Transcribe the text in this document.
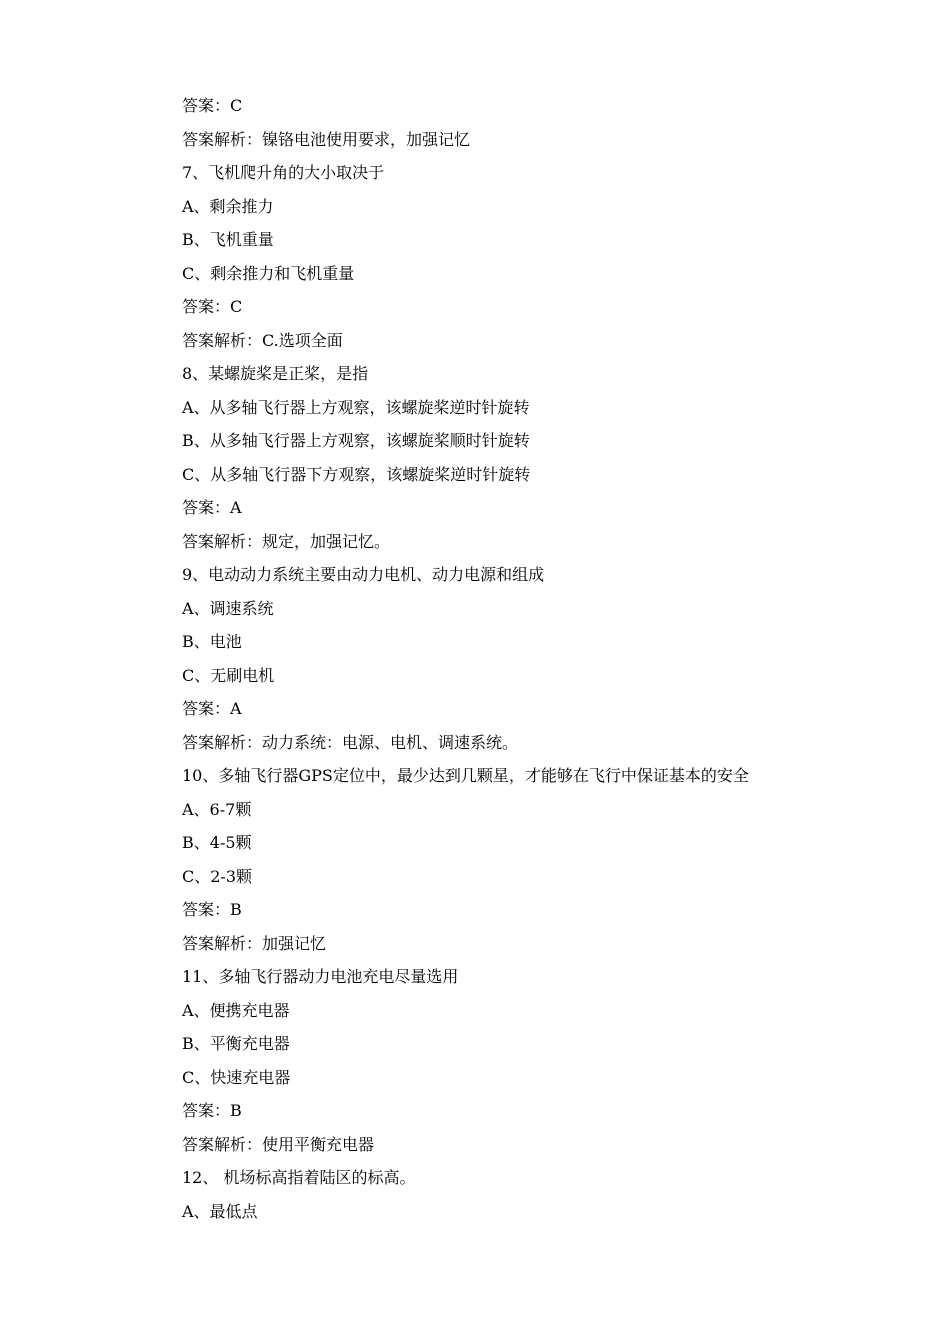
答案：C
答案解析：镍铬电池使用要求，加强记忆
7、飞机爬升角的大小取决于
A、剩余推力
B、飞机重量
C、剩余推力和飞机重量
答案：C
答案解析：C.选项全面
8、某螺旋桨是正桨，是指
A、从多轴飞行器上方观察，该螺旋桨逆时针旋转
B、从多轴飞行器上方观察，该螺旋桨顺时针旋转
C、从多轴飞行器下方观察，该螺旋桨逆时针旋转
答案：A
答案解析：规定，加强记忆。
9、电动动力系统主要由动力电机、动力电源和组成
A、调速系统
B、电池
C、无刷电机
答案：A
答案解析：动力系统：电源、电机、调速系统。
10、多轴飞行器GPS定位中，最少达到几颗星，才能够在飞行中保证基本的安全
A、6-7颗
B、4-5颗
C、2-3颗
答案：B
答案解析：加强记忆
11、多轴飞行器动力电池充电尽量选用
A、便携充电器
B、平衡充电器
C、快速充电器
答案：B
答案解析：使用平衡充电器
12、 机场标高指着陆区的标高。
A、最低点
